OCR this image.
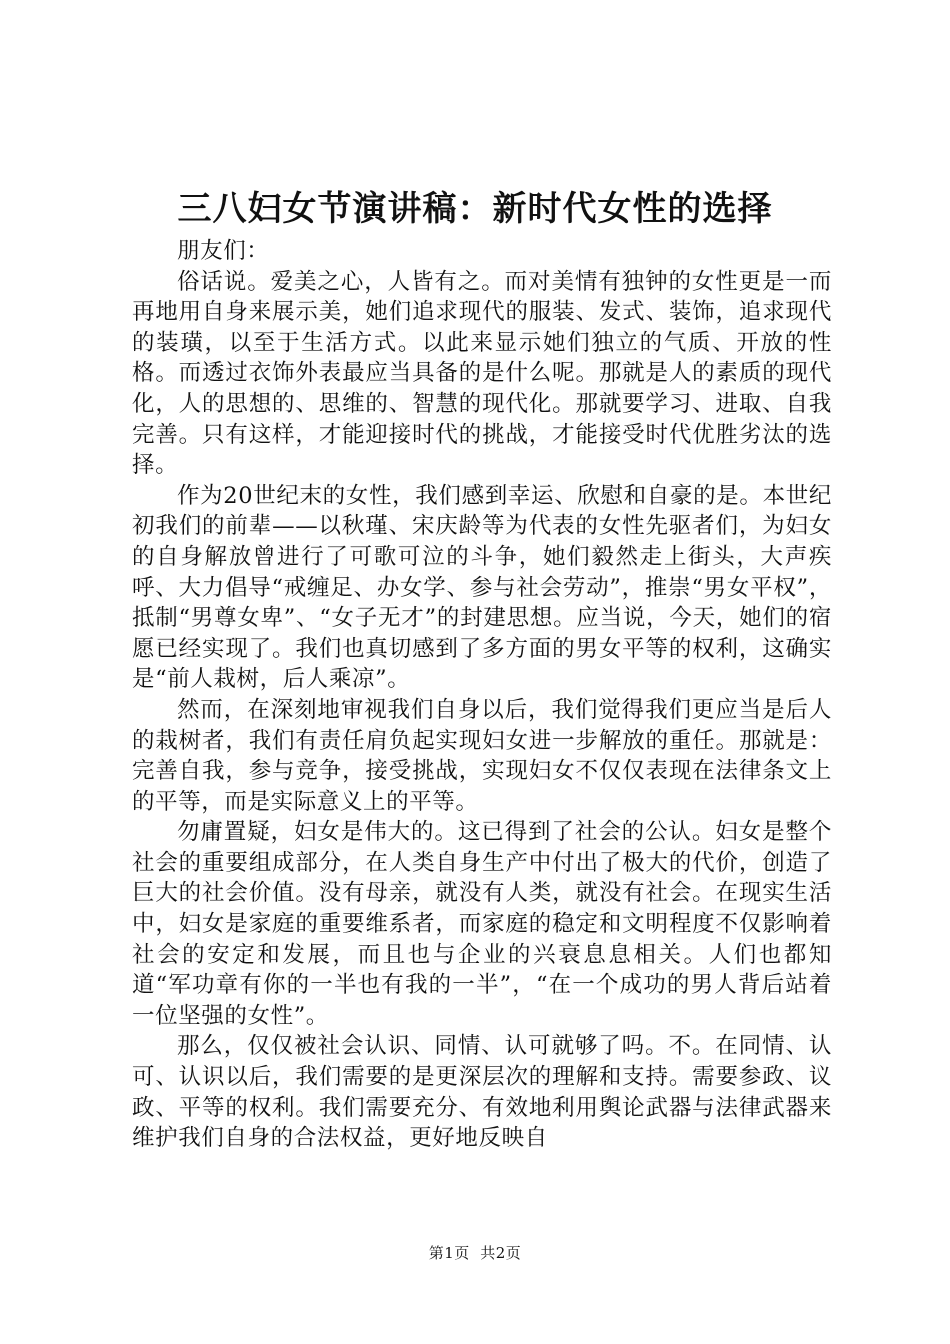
三八妇女节演讲稿：新时代女性的选择

朋友们：

俗话说。爱美之心，人皆有之。而对美情有独钟的女性更是一而再地用自身来展示美，她们追求现代的服装、发式、装饰，追求现代的装璜，以至于生活方式。以此来显示她们独立的气质、开放的性格。而透过衣饰外表最应当具备的是什么呢。那就是人的素质的现代化，人的思想的、思维的、智慧的现代化。那就要学习、进取、自我完善。只有这样，才能迎接时代的挑战，才能接受时代优胜劣汰的选择。

作为20世纪末的女性，我们感到幸运、欣慰和自豪的是。本世纪初我们的前辈——以秋瑾、宋庆龄等为代表的女性先驱者们，为妇女的自身解放曾进行了可歌可泣的斗争，她们毅然走上街头，大声疾呼、大力倡导“戒缠足、办女学、参与社会劳动”，推崇“男女平权”，抵制“男尊女卑”、“女子无才”的封建思想。应当说，今天，她们的宿愿已经实现了。我们也真切感到了多方面的男女平等的权利，这确实是“前人栽树，后人乘凉”。

然而，在深刻地审视我们自身以后，我们觉得我们更应当是后人的栽树者，我们有责任肩负起实现妇女进一步解放的重任。那就是：完善自我，参与竞争，接受挑战，实现妇女不仅仅表现在法律条文上的平等，而是实际意义上的平等。

勿庸置疑，妇女是伟大的。这已得到了社会的公认。妇女是整个社会的重要组成部分，在人类自身生产中付出了极大的代价，创造了巨大的社会价值。没有母亲，就没有人类，就没有社会。在现实生活中，妇女是家庭的重要维系者，而家庭的稳定和文明程度不仅影响着社会的安定和发展，而且也与企业的兴衰息息相关。人们也都知道“军功章有你的一半也有我的一半”，“在一个成功的男人背后站着一位坚强的女性”。

那么，仅仅被社会认识、同情、认可就够了吗。不。在同情、认可、认识以后，我们需要的是更深层次的理解和支持。需要参政、议政、平等的权利。我们需要充分、有效地利用舆论武器与法律武器来维护我们自身的合法权益，更好地反映自

第1页  共2页
